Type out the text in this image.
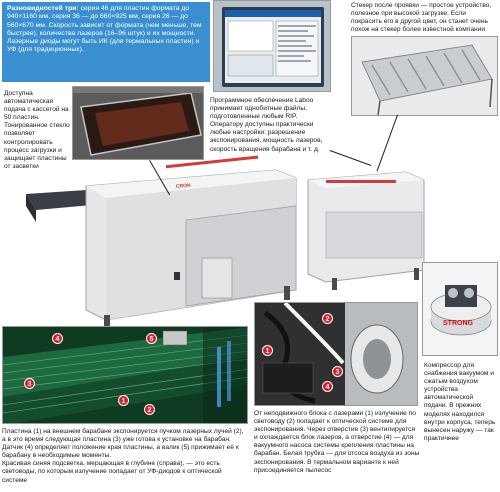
Разновидностей три: серия 46 для пластин формата до 940×1160 мм, серия 36 — до 660×925 мм, серия 26 — до 560×670 мм. Скорость зависит от формата (чем меньше, тем быстрее), количества лазеров (16–96 штук) и их мощности. Лазерные диоды могут быть ИК (для термальных пластин) и УФ (для традиционных).
Стекер после проявки — простое устройство, полезное при высокой загрузке. Если покрасить его в другой цвет, он станет очень похож на стекер более известной компании
Доступна автоматическая подача с кассетой на 50 пластин. Тонированное стекло позволяет контролировать процесс загрузки и защищает пластины от засветки
Программное обеспечение Laboo принимает однобитные файлы, подготовленные любым RIP. Оператору доступны практически любые настройки: разрешение экспонирования, мощность лазеров, скорость вращения барабана и т. д.
CRON
STRONG
Компрессор для снабжения вакуумом и сжатым воздухом устройства автоматической подачи. В прежних моделях находился внутри корпуса, теперь вынесен наружу — так практичнее
4	5
3
1
2
2
1
3
4
Пластина (1) на внешнем барабане экспонируется пучком лазерных лучей (2), а в это время следующая пластина (3) уже готова к установке на барабан. Датчик (4) определяет положение края пластины, а валик (5) прижимает её к барабану в необходимые моменты.
Красивая синяя подсветка, мерцающая в глубине (справа), — это есть световоды, по которым излучение попадает от УФ-диодов к оптической системе
От неподвижного блока с лазерами (1) излучение по световоду (2) попадает к оптической системе для экспонирования. Через отверстие (3) вентилируется и охлаждается блок лазеров, а отверстие (4) — для вакуумного насоса системы крепления пластины на барабан. Белая трубка — для отсоса воздуха из зоны экспонирования. В термальном варианте к ней присоединяется пылесос
